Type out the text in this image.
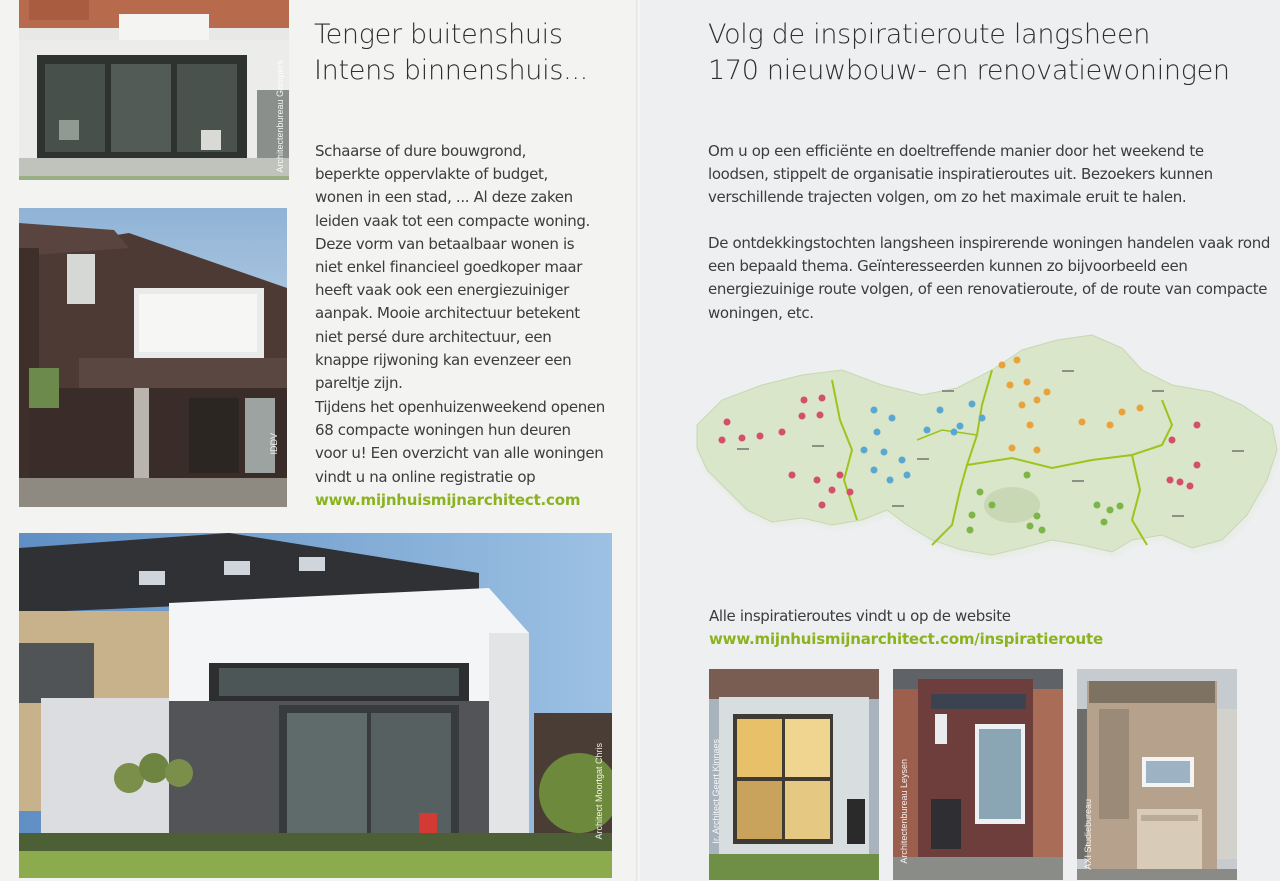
Architectenbureau Gompers
IDDV
Architect Moortgat Chris
Tenger buitenshuis
Intens binnenshuis...

Schaarse of dure bouwgrond, beperkte oppervlakte of budget, wonen in een stad, ... Al deze zaken leiden vaak tot een compacte woning. Deze vorm van betaalbaar wonen is niet enkel financieel goedkoper maar heeft vaak ook een energiezuiniger aanpak. Mooie architectuur betekent niet persé dure architectuur, een knappe rijwoning kan evenzeer een pareltje zijn.

Tijdens het openhuizenweekend openen 68 compacte woningen hun deuren voor u! Een overzicht van alle woningen vindt u na online registratie op
www.mijnhuismijnarchitect.com
Volg de inspiratieroute langsheen
170 nieuwbouw- en renovatiewoningen

Om u op een efficiënte en doeltreffende manier door het weekend te loodsen, stippelt de organisatie inspiratieroutes uit. Bezoekers kunnen verschillende trajecten volgen, om zo het maximale eruit te halen.

De ontdekkingstochten langsheen inspirerende woningen handelen vaak rond een bepaald thema. Geïnteresseerden kunnen zo bijvoorbeeld een energiezuinige route volgen, of een renovatieroute, of de route van compacte woningen, etc.

Alle inspiratieroutes vindt u op de website
www.mijnhuismijnarchitect.com/inspiratieroute
Ir. Architect Geert Kinnaes	Architectenbureau Leysen	AXI Studiebureau
